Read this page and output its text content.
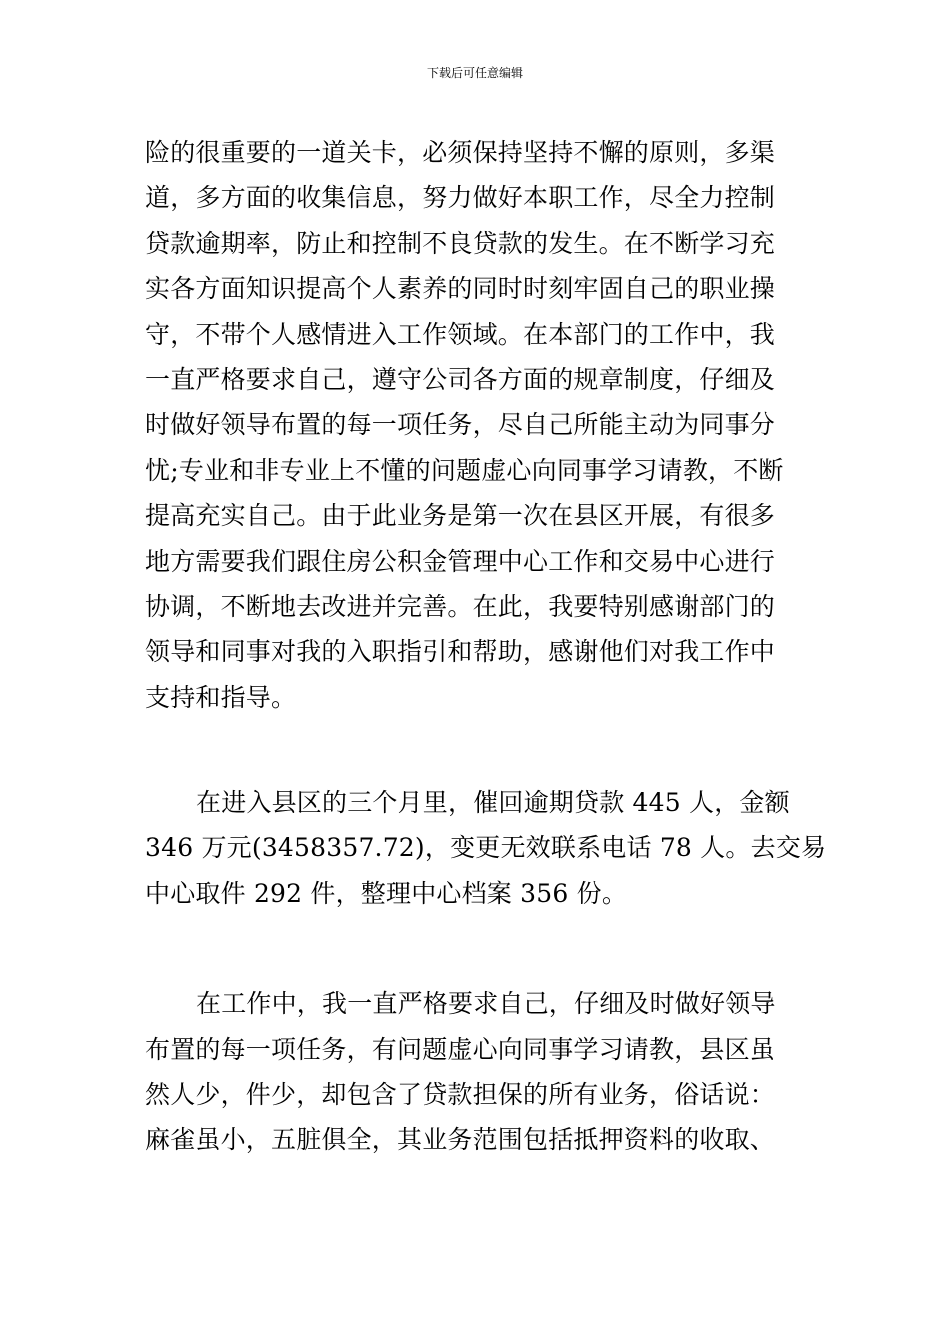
下载后可任意编辑
险的很重要的一道关卡，必须保持坚持不懈的原则，多渠
道，多方面的收集信息，努力做好本职工作，尽全力控制
贷款逾期率，防止和控制不良贷款的发生。在不断学习充
实各方面知识提高个人素养的同时时刻牢固自己的职业操
守，不带个人感情进入工作领域。在本部门的工作中，我
一直严格要求自己，遵守公司各方面的规章制度，仔细及
时做好领导布置的每一项任务，尽自己所能主动为同事分
忧;专业和非专业上不懂的问题虚心向同事学习请教，不断
提高充实自己。由于此业务是第一次在县区开展，有很多
地方需要我们跟住房公积金管理中心工作和交易中心进行
协调，不断地去改进并完善。在此，我要特别感谢部门的
领导和同事对我的入职指引和帮助，感谢他们对我工作中
支持和指导。
在进入县区的三个月里，催回逾期贷款 445 人，金额
346 万元(3458357.72)，变更无效联系电话 78 人。去交易
中心取件 292 件，整理中心档案 356 份。
在工作中，我一直严格要求自己，仔细及时做好领导
布置的每一项任务，有问题虚心向同事学习请教，县区虽
然人少，件少，却包含了贷款担保的所有业务，俗话说：
麻雀虽小，五脏俱全，其业务范围包括抵押资料的收取、
